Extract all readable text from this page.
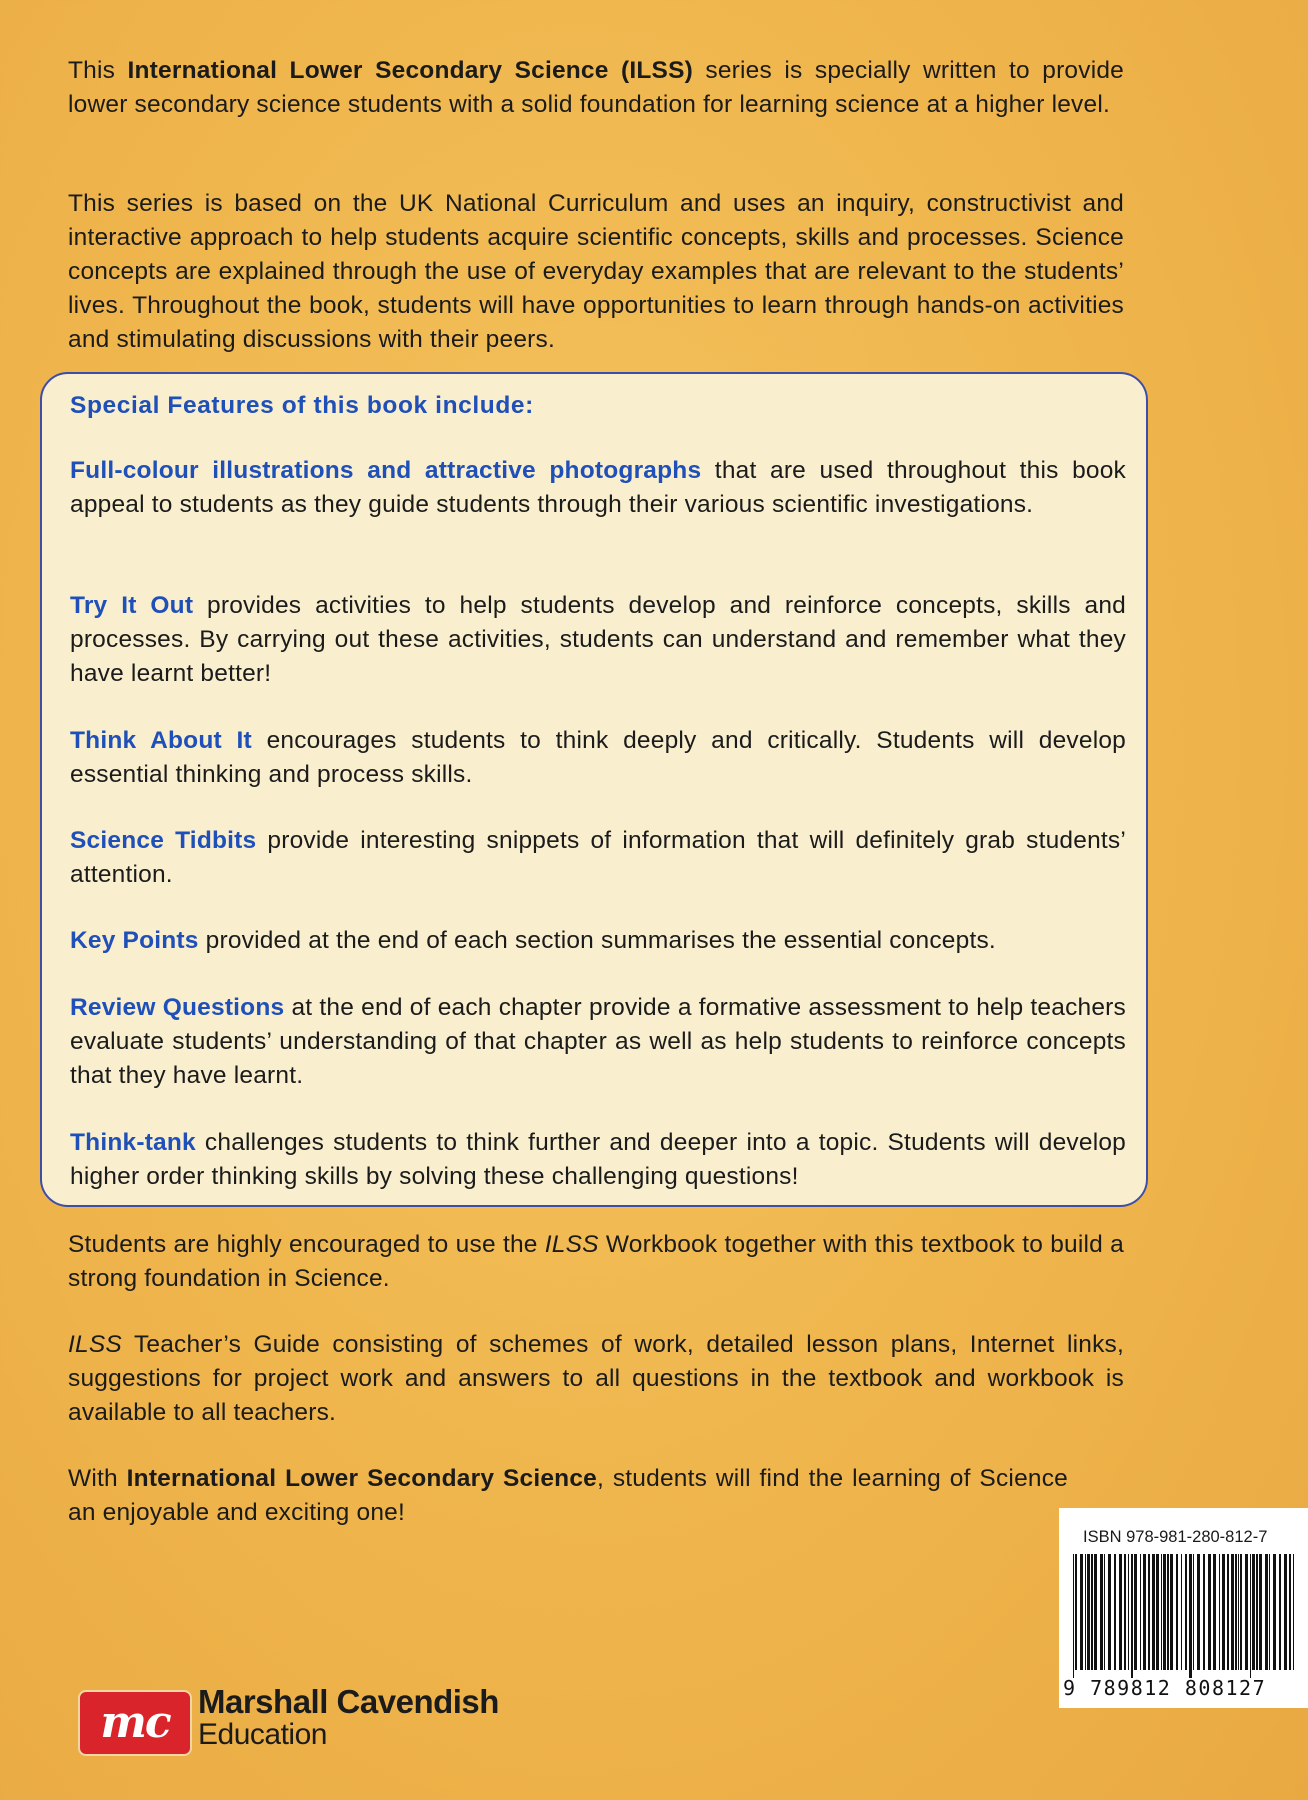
This International Lower Secondary Science (ILSS) series is specially written to provide lower secondary science students with a solid foundation for learning science at a higher level.

This series is based on the UK National Curriculum and uses an inquiry, constructivist and interactive approach to help students acquire scientific concepts, skills and processes. Science concepts are explained through the use of everyday examples that are relevant to the students’ lives. Throughout the book, students will have opportunities to learn through hands-on activities and stimulating discussions with their peers.

Special Features of this book include:

Full-colour illustrations and attractive photographs that are used throughout this book appeal to students as they guide students through their various scientific investigations.

Try It Out provides activities to help students develop and reinforce concepts, skills and processes. By carrying out these activities, students can understand and remember what they have learnt better!

Think About It encourages students to think deeply and critically. Students will develop essential thinking and process skills.

Science Tidbits provide interesting snippets of information that will definitely grab students’ attention.

Key Points provided at the end of each section summarises the essential concepts.

Review Questions at the end of each chapter provide a formative assessment to help teachers evaluate students’ understanding of that chapter as well as help students to reinforce concepts that they have learnt.

Think-tank challenges students to think further and deeper into a topic. Students will develop higher order thinking skills by solving these challenging questions!

Students are highly encouraged to use the ILSS Workbook together with this textbook to build a strong foundation in Science.

ILSS Teacher’s Guide consisting of schemes of work, detailed lesson plans, Internet links, suggestions for project work and answers to all questions in the textbook and workbook is available to all teachers.

With International Lower Secondary Science, students will find the learning of Science an enjoyable and exciting one!

ISBN 978-981-280-812-7
9 789812 808127
mc Marshall Cavendish
Education
